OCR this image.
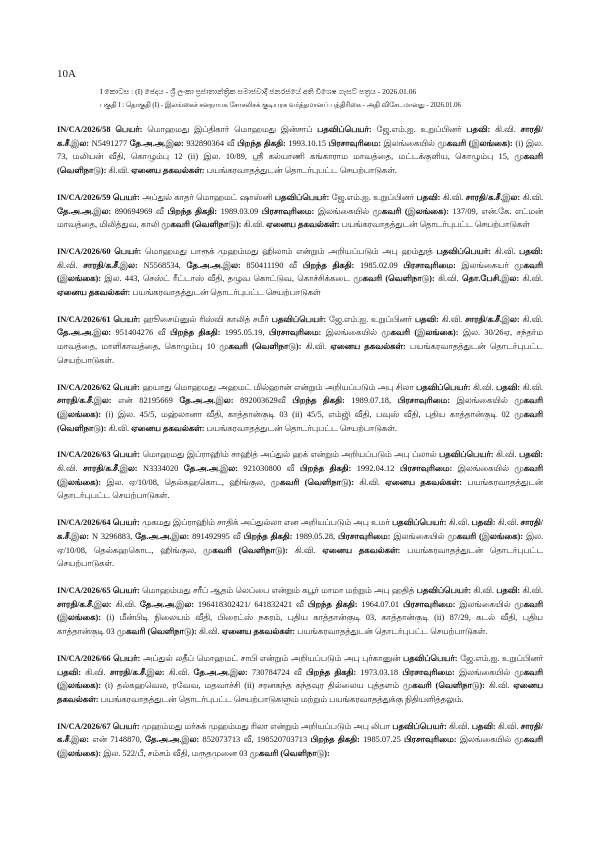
10A
I කොටස : (I) ඡෙදය - ශ්‍රී ලංකා ප්‍රජාතාන්ත්‍රික සමාජවාදී ජනරජයේ අති විශෙෂ ගැසට් පත්‍රය - 2026.01.06
பகுதி I : தொகுதி (I) - இலங்கைச் சனநாயக சோசலிசக் குடியரசு வர்த்தமானப் பத்திரிகை - அதி விசேடமானது - 2026.01.06

IN/CA/2026/58 பெயர்: மொஹமது இப்திகார் மொஹமது இன்சாப் பதவிப்பெயர்: ஜே.எம்.ஐ. உறுப்பினர் பதவி: கி.வி. சாரதி/க.சீ.இல: N5491277 தே.அ.அ.இல: 932890364 வீ பிறந்த திகதி: 1993.10.15 பிரசாவுரிமை: இலங்கையில் முகவரி (இலங்கை): (i) இல. 73, மலியன் வீதி, கொழும்பு 12 (ii) இல. 10/89, ஸ்ரீ கல்யாணி கங்காராம மாவத்தை, மட்டக்குளிய, கொழும்பு 15, முகவரி (வெளிநாடு): கி.வி. ஏனைய தகவல்கள்: பயங்கரவாதத்துடன் தொடர்புபட்ட செயற்பாடுகள்.

IN/CA/2026/59 பெயர்: அப்துல் காதர் மொஹமட் ஷாஸ்னி பதவிப்பெயர்: ஜே.எம்.ஐ. உறுப்பினர் பதவி: கி.வி. சாரதி/க.சீ.இல: கி.வி. தே.அ.அ.இல: 890694969 வீ பிறந்த திகதி: 1989.03.09 பிரசாவுரிமை: இலங்கையில் முகவரி (இலங்கை): 137/09, என்.கே. எட்மன் மாவத்தை, மிலித்துவ, காலி முகவரி (வெளிநாடு): கி.வி. ஏனைய தகவல்கள்: பயங்கரவாதத்துடன் தொடர்புபட்ட செயற்பாடுகள்

IN/CA/2026/60 பெயர்: மொஹமது பாரூக் முஹம்மது ஹிலாம் என்றும் அறியப்படும் அபு ஹம்தூத் பதவிப்பெயர்: கி.வி. பதவி: கி.வி. சாரதி/க.சீ.இல: N5568534, தே.அ.அ.இல: 850411190 வீ பிறந்த திகதி: 1985.02.09 பிரசாவுரிமை: இலங்கையர் முகவரி (இலங்கை): இல. 443, செஸ்ட் ரீட்டாஸ் வீதி, தழுவ கொட்டுவ, கொச்சிக்கடை முகவரி (வெளிநாடு): கி.வி. தொ.பேசி.இல: கி.வி. ஏனைய தகவல்கள்: பயங்கரவாதத்துடன் தொடர்புபட்ட செயற்பாடுகள்

IN/CA/2026/61 பெயர்: ஹூசைய்னுல் ரிஸ்வி காலித் சமீர் பதவிப்பெயர்: ஜே.எம்.ஐ. உறுப்பினர் பதவி: கி.வி. சாரதி/க.சீ.இல: கி.வி. தே.அ.அ.இல: 951404276 வீ பிறந்த திகதி: 1995.05.19, பிரசாவுரிமை: இலங்கையில் முகவரி (இலங்கை): இல. 30/26ஏ, சந்தர்ம மாவத்தை, மாளிகாவத்தை, கொழும்பு 10 முகவரி (வெளிநாடு): கி.வி. ஏனைய தகவல்கள்: பயங்கரவாதத்துடன் தொடர்புபட்ட செயற்பாடுகள்.

IN/CA/2026/62 பெயர்: ஹயாது மொஹமது அஹமட் மில்ஹான் என்றும் அறியப்படும் அபு சிலா பதவிப்பெயர்: கி.வி. பதவி: கி.வி. சாரதி/க.சீ.இல: என் 82195669 தே.அ.அ.இல: 892003629வீ பிறந்த திகதி: 1989.07.18, பிரசாவுரிமை: இலங்கையில் முகவரி (இலங்கை): (i) இல. 45/5, மஹ்லானா வீதி, காத்தான்குடி 03 (ii) 45/5, எம்ஜி வீதி, பவுஸ் வீதி, புதிய காத்தான்குடி 02 முகவரி (வெளிநாடு): கி.வி. ஏனைய தகவல்கள்: பயங்கரவாதத்துடன் தொடர்புபட்ட செயற்பாடுகள்.

IN/CA/2026/63 பெயர்: மொஹமது இப்ராஹிம் சாஹித் அப்துல் ஹக் என்றும் அறியப்படும் அபு ப்லால் பதவிப்பெயர்: கி.வி. பதவி: கி.வி. சாரதி/க.சீ.இல: N3334020 தே.அ.அ.இல: 921030800 வீ பிறந்த திகதி: 1992.04.12 பிரசாவுரிமை: இலங்கையில் முகவரி (இலங்கை): இல. ஏ/10/08, தெல்கஹகொட, ஹிங்குல, முகவரி (வெளிநாடு): கி.வி. ஏனைய தகவல்கள்: பயங்கரவாதத்துடன் தொடர்புபட்ட செயற்பாடுகள்.

IN/CA/2026/64 பெயர்: முகமது இப்ராஹிம் சாதிக் அப்துல்லா என அறியப்படும் அபு உமர் பதவிப்பெயர்: கி.வி. பதவி: கி.வி. சாரதி/க.சீ.இல: N 3296883, தே.அ.அ.இல: 891492995 வீ பிறந்த திகதி: 1989.05.28, பிரசாவுரிமை: இலங்கையில் முகவரி (இலங்கை): இல. ஏ/10/08, தெல்கஹகொட, ஹிங்குல, முகவரி (வெளிநாடு): கி.வி. ஏனைய தகவல்கள்: பயங்கரவாதத்துடன் தொடர்புபட்ட செயற்பாடுகள்.

IN/CA/2026/65 பெயர்: மொஹம்மது சரீப் ஆதம் லெப்பை என்றும் கபூர் மாமா மற்றும் அபு ஹதித் பதவிப்பெயர்: கி.வி. பதவி: கி.வி. சாரதி/க.சீ.இல: கி.வி. தே.அ.அ.இல: 196418302421/ 641832421 வீ பிறந்த திகதி: 1964.07.01 பிரசாவுரிமை: இலங்கையில் முகவரி (இலங்கை): (i) மீன்பிடி நிலையம் வீதி, பிரைட்ஸ் நகரம், புதிய காத்தான்குடி 03, காத்தான்குடி (ii) 87/29, கடல் வீதி, புதிய காத்தான்குடி 03 முகவரி (வெளிநாடு): கி.வி. ஏனைய தகவல்கள்: பயங்கரவாதத்துடன் தொடர்புபட்ட செயற்பாடுகள்.

IN/CA/2026/66 பெயர்: அப்துல் லதீப் மொஹமட் சாபி என்றும் அறியப்படும் அபு புர்கானுன் பதவிப்பெயர்: ஜே.எம்.ஐ. உறுப்பினர் பதவி: கி.வி. சாரதி/க.சீ.இல: கி.வி. தே.அ.அ.இல: 730784724 வீ பிறந்த திகதி: 1973.03.18 பிரசாவுரிமை: இலங்கையில் முகவரி (இலங்கை): (i) தல்கஹவெல, ரவேவ, மதவாச்சி (ii) சரனகந்த கந்தவுர தில்லைய புத்தளம் முகவரி (வெளிநாடு): கி.வி. ஏனைய தகவல்கள்: பயங்கரவாதத்துடன் தொடர்புபட்ட செயற்பாடுகளும் மற்றும் பயங்கரவாதத்துக்கு நிதியளித்தலும்.

IN/CA/2026/67 பெயர்: முஹம்மது மர்சுக் முஹம்மது ரிலா என்றும் அறியப்படும் அபு லிபா பதவிப்பெயர்: கி.வி. பதவி: கி.வி. சாரதி/க.சீ.இல: என் 7148870, தே.அ.அ.இல: 852073713 வீ, 198520703713 பிறந்த திகதி: 1985.07.25 பிரசாவுரிமை: இலங்கையில் முகவரி (இலங்கை): இல. 522/பீ, சம்சம் வீதி, மருதமுனை 03 முகவரி (வெளிநாடு):
